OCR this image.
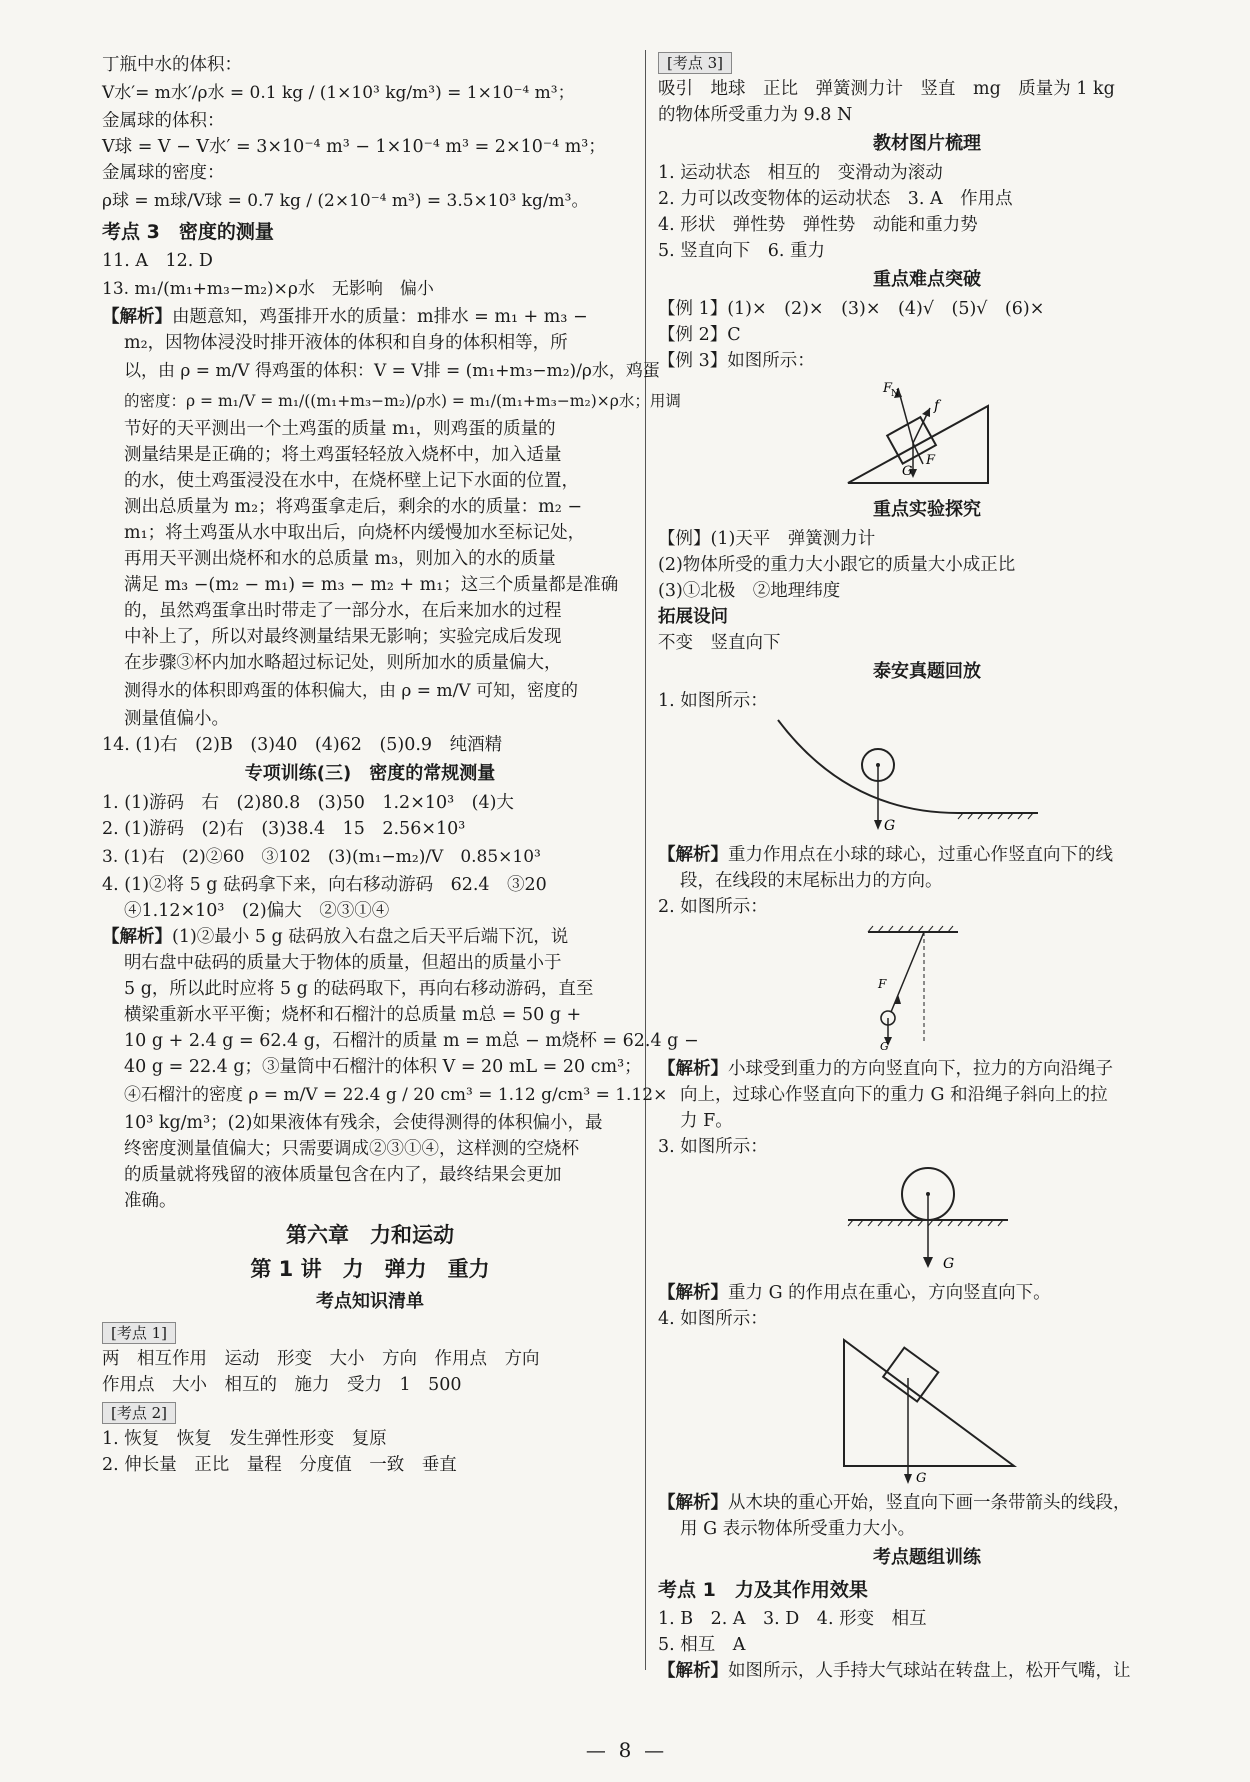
丁瓶中水的体积：
V水′= m水′/ρ水 = 0.1 kg / (1×10³ kg/m³) = 1×10⁻⁴ m³；
金属球的体积：
V球 = V − V水′ = 3×10⁻⁴ m³ − 1×10⁻⁴ m³ = 2×10⁻⁴ m³；
金属球的密度：
ρ球 = m球/V球 = 0.7 kg / (2×10⁻⁴ m³) = 3.5×10³ kg/m³。
考点 3　密度的测量
11. A　12. D
13. m₁/(m₁+m₃−m₂)×ρ水　无影响　偏小
【解析】由题意知，鸡蛋排开水的质量：m排水 = m₁ + m₃ −
m₂，因物体浸没时排开液体的体积和自身的体积相等，所
以，由 ρ = m/V 得鸡蛋的体积：V = V排 = (m₁+m₃−m₂)/ρ水，鸡蛋
的密度：ρ = m₁/V = m₁/((m₁+m₃−m₂)/ρ水) = m₁/(m₁+m₃−m₂)×ρ水；用调
节好的天平测出一个土鸡蛋的质量 m₁，则鸡蛋的质量的
测量结果是正确的；将土鸡蛋轻轻放入烧杯中，加入适量
的水，使土鸡蛋浸没在水中，在烧杯壁上记下水面的位置，
测出总质量为 m₂；将鸡蛋拿走后，剩余的水的质量：m₂ −
m₁；将土鸡蛋从水中取出后，向烧杯内缓慢加水至标记处，
再用天平测出烧杯和水的总质量 m₃，则加入的水的质量
满足 m₃ −(m₂ − m₁) = m₃ − m₂ + m₁；这三个质量都是准确
的，虽然鸡蛋拿出时带走了一部分水，在后来加水的过程
中补上了，所以对最终测量结果无影响；实验完成后发现
在步骤③杯内加水略超过标记处，则所加水的质量偏大，
测得水的体积即鸡蛋的体积偏大，由 ρ = m/V 可知，密度的
测量值偏小。
14. (1)右　(2)B　(3)40　(4)62　(5)0.9　纯酒精
专项训练(三)　密度的常规测量
1. (1)游码　右　(2)80.8　(3)50　1.2×10³　(4)大
2. (1)游码　(2)右　(3)38.4　15　2.56×10³
3. (1)右　(2)②60　③102　(3)(m₁−m₂)/V　0.85×10³
4. (1)②将 5 g 砝码拿下来，向右移动游码　62.4　③20
④1.12×10³　(2)偏大　②③①④
【解析】(1)②最小 5 g 砝码放入右盘之后天平后端下沉，说
明右盘中砝码的质量大于物体的质量，但超出的质量小于
5 g，所以此时应将 5 g 的砝码取下，再向右移动游码，直至
横梁重新水平平衡；烧杯和石榴汁的总质量 m总 = 50 g +
10 g + 2.4 g = 62.4 g，石榴汁的质量 m = m总 − m烧杯 = 62.4 g −
40 g = 22.4 g；③量筒中石榴汁的体积 V = 20 mL = 20 cm³；
④石榴汁的密度 ρ = m/V = 22.4 g / 20 cm³ = 1.12 g/cm³ = 1.12×
10³ kg/m³；(2)如果液体有残余，会使得测得的体积偏小，最
终密度测量值偏大；只需要调成②③①④，这样测的空烧杯
的质量就将残留的液体质量包含在内了，最终结果会更加
准确。
第六章　力和运动
第 1 讲　力　弹力　重力
考点知识清单
[考点 1]
两　相互作用　运动　形变　大小　方向　作用点　方向
作用点　大小　相互的　施力　受力　1　500
[考点 2]
1. 恢复　恢复　发生弹性形变　复原
2. 伸长量　正比　量程　分度值　一致　垂直
[考点 3]
吸引　地球　正比　弹簧测力计　竖直　mg　质量为 1 kg
的物体所受重力为 9.8 N
教材图片梳理
1. 运动状态　相互的　变滑动为滚动
2. 力可以改变物体的运动状态　3. A　作用点
4. 形状　弹性势　弹性势　动能和重力势
5. 竖直向下　6. 重力
重点难点突破
【例 1】(1)×　(2)×　(3)×　(4)√　(5)√　(6)×
【例 2】C
【例 3】如图所示：
F
N
f
F
G
重点实验探究
【例】(1)天平　弹簧测力计
(2)物体所受的重力大小跟它的质量大小成正比
(3)①北极　②地理纬度
拓展设问
不变　竖直向下
泰安真题回放
1. 如图所示：
G
【解析】重力作用点在小球的球心，过重心作竖直向下的线
段，在线段的末尾标出力的方向。
2. 如图所示：
F
G
【解析】小球受到重力的方向竖直向下，拉力的方向沿绳子
向上，过球心作竖直向下的重力 G 和沿绳子斜向上的拉
力 F。
3. 如图所示：
G
【解析】重力 G 的作用点在重心，方向竖直向下。
4. 如图所示：
G
【解析】从木块的重心开始，竖直向下画一条带箭头的线段，
用 G 表示物体所受重力大小。
考点题组训练
考点 1　力及其作用效果
1. B　2. A　3. D　4. 形变　相互
5. 相互　A
【解析】如图所示，人手持大气球站在转盘上，松开气嘴，让
—  8  —
